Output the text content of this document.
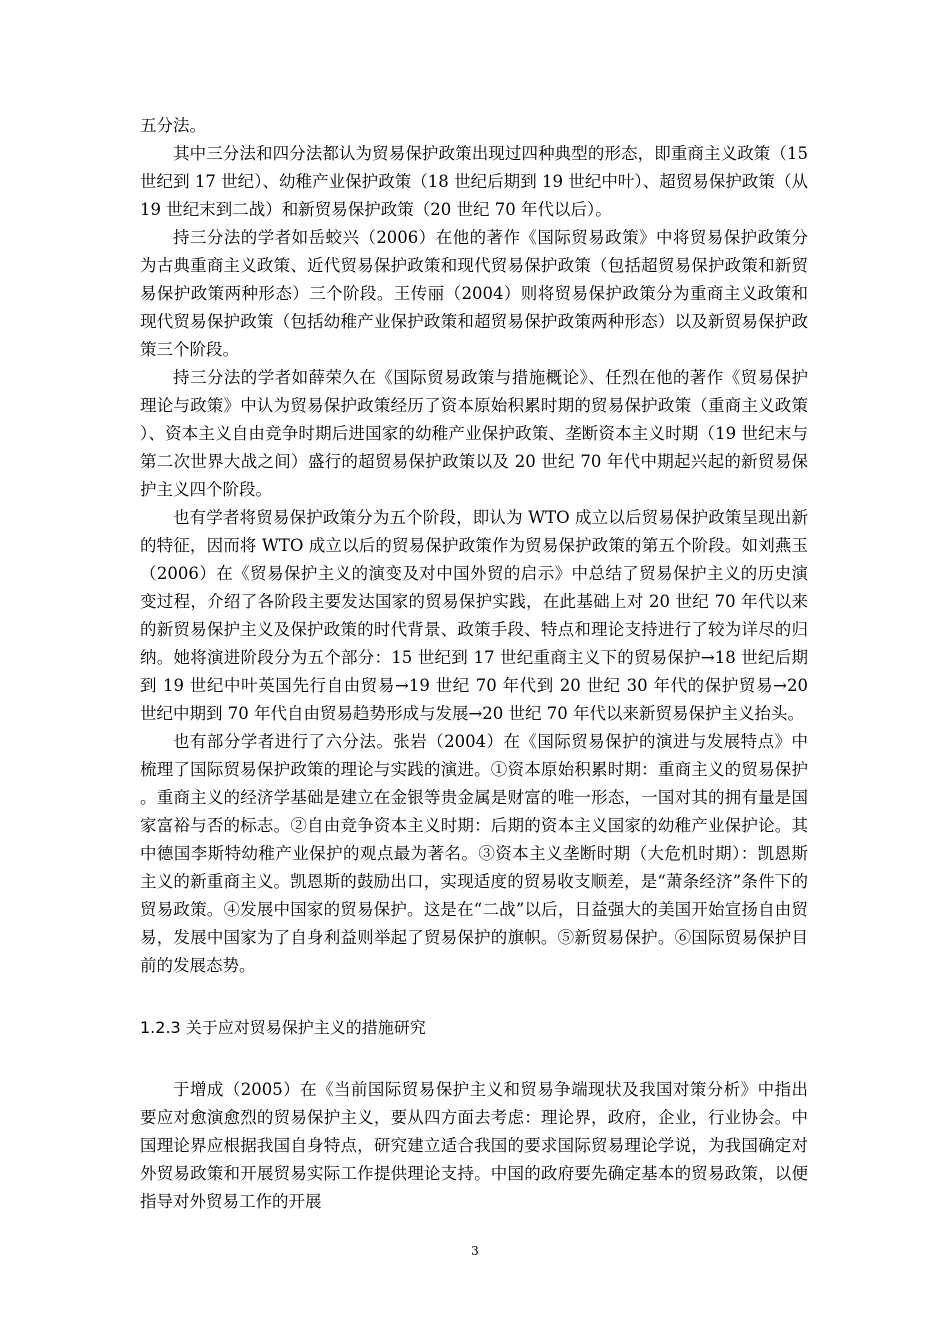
五分法。

其中三分法和四分法都认为贸易保护政策出现过四种典型的形态，即重商主义政策（15 世纪到 17 世纪）、幼稚产业保护政策（18 世纪后期到 19 世纪中叶）、超贸易保护政策（从 19 世纪末到二战）和新贸易保护政策（20 世纪 70 年代以后）。

持三分法的学者如岳蛟兴（2006）在他的著作《国际贸易政策》中将贸易保护政策分为古典重商主义政策、近代贸易保护政策和现代贸易保护政策（包括超贸易保护政策和新贸易保护政策两种形态）三个阶段。王传丽（2004）则将贸易保护政策分为重商主义政策和现代贸易保护政策（包括幼稚产业保护政策和超贸易保护政策两种形态）以及新贸易保护政策三个阶段。

持三分法的学者如薛荣久在《国际贸易政策与措施概论》、任烈在他的著作《贸易保护理论与政策》中认为贸易保护政策经历了资本原始积累时期的贸易保护政策（重商主义政策）、资本主义自由竞争时期后进国家的幼稚产业保护政策、垄断资本主义时期（19 世纪末与第二次世界大战之间）盛行的超贸易保护政策以及 20 世纪 70 年代中期起兴起的新贸易保护主义四个阶段。

也有学者将贸易保护政策分为五个阶段，即认为 WTO 成立以后贸易保护政策呈现出新的特征，因而将 WTO 成立以后的贸易保护政策作为贸易保护政策的第五个阶段。如刘燕玉（2006）在《贸易保护主义的演变及对中国外贸的启示》中总结了贸易保护主义的历史演变过程，介绍了各阶段主要发达国家的贸易保护实践，在此基础上对 20 世纪 70 年代以来的新贸易保护主义及保护政策的时代背景、政策手段、特点和理论支持进行了较为详尽的归纳。她将演进阶段分为五个部分：15 世纪到 17 世纪重商主义下的贸易保护→18 世纪后期到 19 世纪中叶英国先行自由贸易→19 世纪 70 年代到 20 世纪 30 年代的保护贸易→20 世纪中期到 70 年代自由贸易趋势形成与发展→20 世纪 70 年代以来新贸易保护主义抬头。

也有部分学者进行了六分法。张岩（2004）在《国际贸易保护的演进与发展特点》中梳理了国际贸易保护政策的理论与实践的演进。①资本原始积累时期：重商主义的贸易保护。重商主义的经济学基础是建立在金银等贵金属是财富的唯一形态，一国对其的拥有量是国家富裕与否的标志。②自由竞争资本主义时期：后期的资本主义国家的幼稚产业保护论。其中德国李斯特幼稚产业保护的观点最为著名。③资本主义垄断时期（大危机时期）：凯恩斯主义的新重商主义。凯恩斯的鼓励出口，实现适度的贸易收支顺差，是“萧条经济”条件下的贸易政策。④发展中国家的贸易保护。这是在“二战”以后，日益强大的美国开始宣扬自由贸易，发展中国家为了自身利益则举起了贸易保护的旗帜。⑤新贸易保护。⑥国际贸易保护目前的发展态势。

1.2.3 关于应对贸易保护主义的措施研究

于增成（2005）在《当前国际贸易保护主义和贸易争端现状及我国对策分析》中指出要应对愈演愈烈的贸易保护主义，要从四方面去考虑：理论界，政府，企业，行业协会。中国理论界应根据我国自身特点，研究建立适合我国的要求国际贸易理论学说，为我国确定对外贸易政策和开展贸易实际工作提供理论支持。中国的政府要先确定基本的贸易政策，以便指导对外贸易工作的开展

3
